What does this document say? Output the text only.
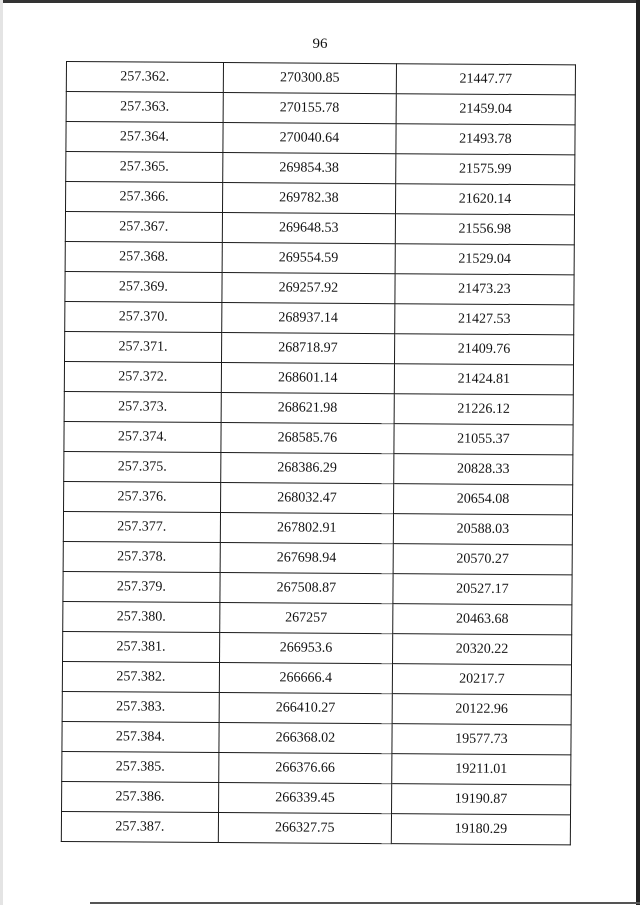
96
257.362.	270300.85	21447.77
257.363.	270155.78	21459.04
257.364.	270040.64	21493.78
257.365.	269854.38	21575.99
257.366.	269782.38	21620.14
257.367.	269648.53	21556.98
257.368.	269554.59	21529.04
257.369.	269257.92	21473.23
257.370.	268937.14	21427.53
257.371.	268718.97	21409.76
257.372.	268601.14	21424.81
257.373.	268621.98	21226.12
257.374.	268585.76	21055.37
257.375.	268386.29	20828.33
257.376.	268032.47	20654.08
257.377.	267802.91	20588.03
257.378.	267698.94	20570.27
257.379.	267508.87	20527.17
257.380.	267257	20463.68
257.381.	266953.6	20320.22
257.382.	266666.4	20217.7
257.383.	266410.27	20122.96
257.384.	266368.02	19577.73
257.385.	266376.66	19211.01
257.386.	266339.45	19190.87
257.387.	266327.75	19180.29
